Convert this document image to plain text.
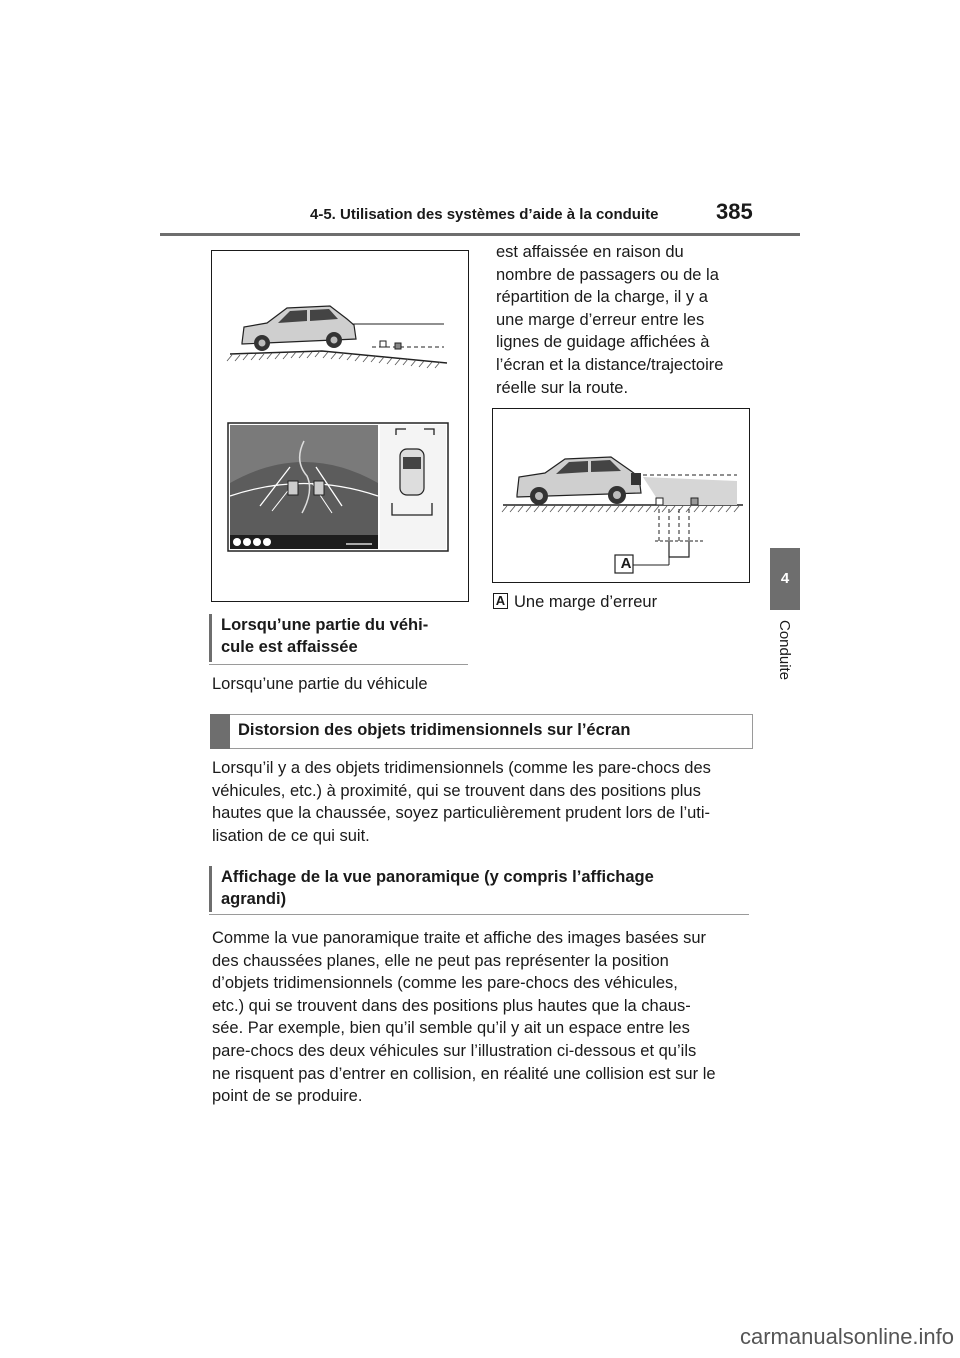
4-5. Utilisation des systèmes d’aide à la conduite	385
4
Conduite
est affaissée en raison du
nombre de passagers ou de la
répartition de la charge, il y a
une marge d’erreur entre les
lignes de guidage affichées à
l’écran et la distance/trajectoire
réelle sur la route.
A
A Une marge d’erreur
Lorsqu’une partie du véhi-
cule est affaissée
Lorsqu’une partie du véhicule
Distorsion des objets tridimensionnels sur l’écran
Lorsqu’il y a des objets tridimensionnels (comme les pare-chocs des
véhicules, etc.) à proximité, qui se trouvent dans des positions plus
hautes que la chaussée, soyez particulièrement prudent lors de l’uti-
lisation de ce qui suit.
Affichage de la vue panoramique (y compris l’affichage
agrandi)
Comme la vue panoramique traite et affiche des images basées sur
des chaussées planes, elle ne peut pas représenter la position
d’objets tridimensionnels (comme les pare-chocs des véhicules,
etc.) qui se trouvent dans des positions plus hautes que la chaus-
sée. Par exemple, bien qu’il semble qu’il y ait un espace entre les
pare-chocs des deux véhicules sur l’illustration ci-dessous et qu’ils
ne risquent pas d’entrer en collision, en réalité une collision est sur le
point de se produire.
carmanualsonline.info
